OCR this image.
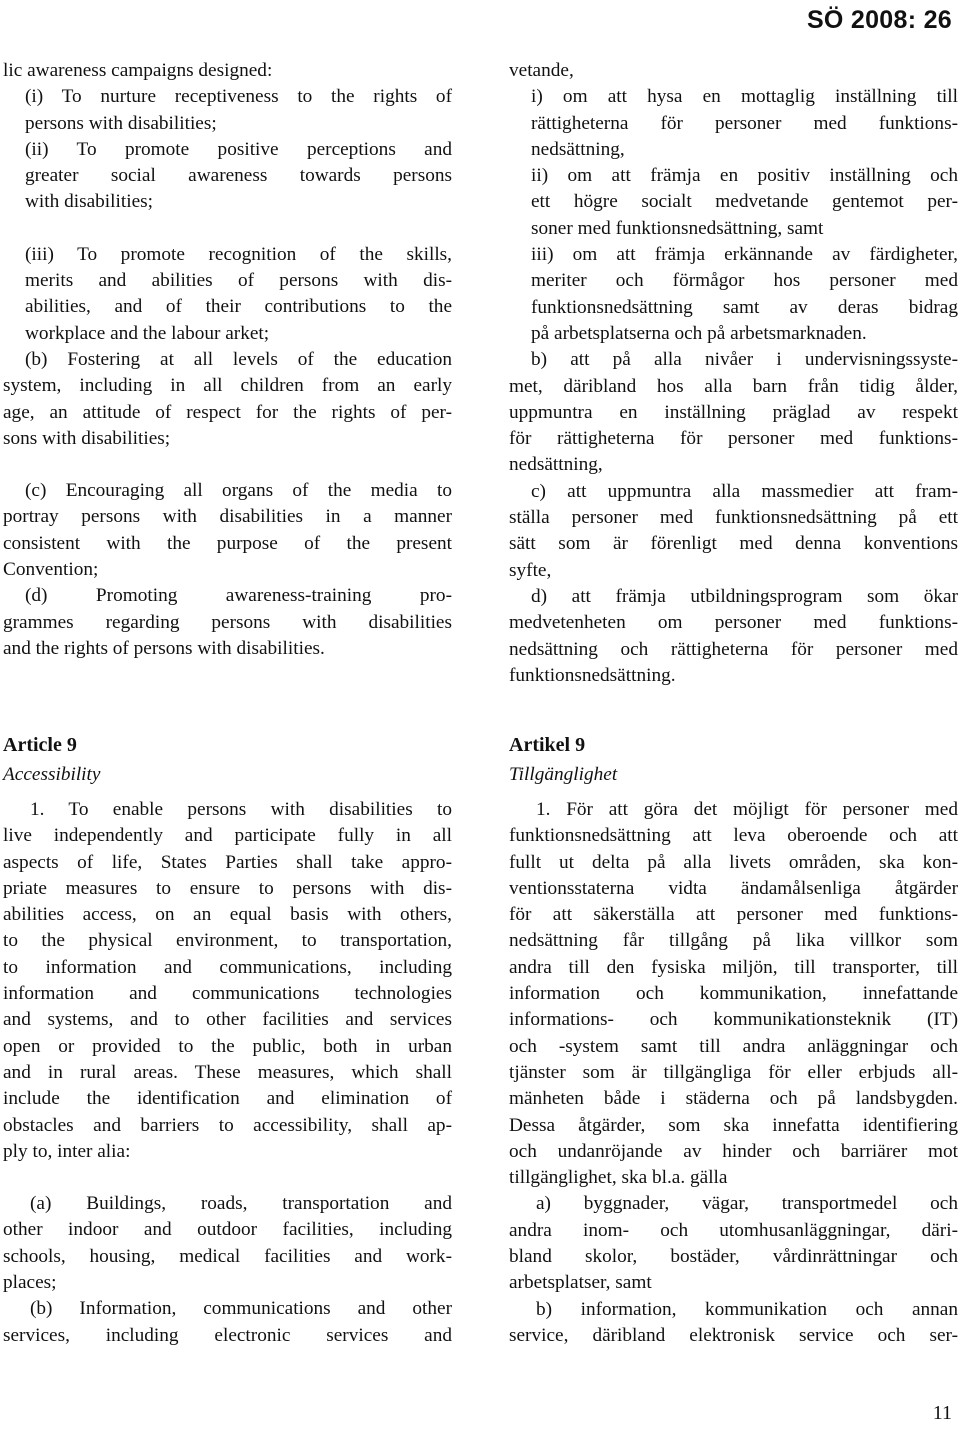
SÖ 2008: 26
lic awareness campaigns designed:
(i) To nurture receptiveness to the rights of
persons with disabilities;
(ii) To promote positive perceptions and
greater social awareness towards persons
with disabilities;
(iii) To promote recognition of the skills,
merits and abilities of persons with dis-
abilities, and of their contributions to the
workplace and the labour arket;
(b) Fostering at all levels of the education
system, including in all children from an early
age, an attitude of respect for the rights of per-
sons with disabilities;
(c) Encouraging all organs of the media to
portray persons with disabilities in a manner
consistent with the purpose of the present
Convention;
(d) Promoting awareness-training pro-
grammes regarding persons with disabilities
and the rights of persons with disabilities.
vetande,
i) om att hysa en mottaglig inställning till
rättigheterna för personer med funktions-
nedsättning,
ii) om att främja en positiv inställning och
ett högre socialt medvetande gentemot per-
soner med funktionsnedsättning, samt
iii) om att främja erkännande av färdigheter,
meriter och förmågor hos personer med
funktionsnedsättning samt av deras bidrag
på arbetsplatserna och på arbetsmarknaden.
b) att på alla nivåer i undervisningssyste-
met, däribland hos alla barn från tidig ålder,
uppmuntra en inställning präglad av respekt
för rättigheterna för personer med funktions-
nedsättning,
c) att uppmuntra alla massmedier att fram-
ställa personer med funktionsnedsättning på ett
sätt som är förenligt med denna konventions
syfte,
d) att främja utbildningsprogram som ökar
medvetenheten om personer med funktions-
nedsättning och rättigheterna för personer med
funktionsnedsättning.
Article 9
Accessibility
1. To enable persons with disabilities to
live independently and participate fully in all
aspects of life, States Parties shall take appro-
priate measures to ensure to persons with dis-
abilities access, on an equal basis with others,
to the physical environment, to transportation,
to information and communications, including
information and communications technologies
and systems, and to other facilities and services
open or provided to the public, both in urban
and in rural areas. These measures, which shall
include the identification and elimination of
obstacles and barriers to accessibility, shall ap-
ply to, inter alia:
(a) Buildings, roads, transportation and
other indoor and outdoor facilities, including
schools, housing, medical facilities and work-
places;
(b) Information, communications and other
services, including electronic services and
Artikel 9
Tillgänglighet
1. För att göra det möjligt för personer med
funktionsnedsättning att leva oberoende och att
fullt ut delta på alla livets områden, ska kon-
ventionsstaterna vidta ändamålsenliga åtgärder
för att säkerställa att personer med funktions-
nedsättning får tillgång på lika villkor som
andra till den fysiska miljön, till transporter, till
information och kommunikation, innefattande
informations- och kommunikationsteknik (IT)
och -system samt till andra anläggningar och
tjänster som är tillgängliga för eller erbjuds all-
mänheten både i städerna och på landsbygden.
Dessa åtgärder, som ska innefatta identifiering
och undanröjande av hinder och barriärer mot
tillgänglighet, ska bl.a. gälla
a) byggnader, vägar, transportmedel och
andra inom- och utomhusanläggningar, däri-
bland skolor, bostäder, vårdinrättningar och
arbetsplatser, samt
b) information, kommunikation och annan
service, däribland elektronisk service och ser-
11
